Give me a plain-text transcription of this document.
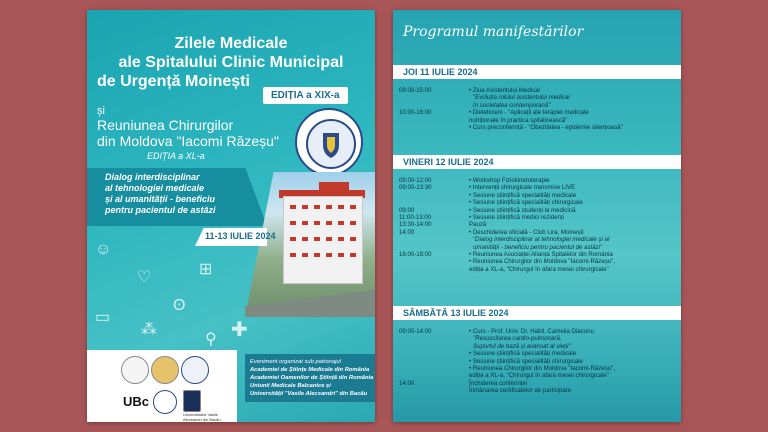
Zilele Medicale
ale Spitalului Clinic Municipal
de Urgență Moinești
EDIȚIA a XIX-a
și
Reuniunea Chirurgilor
din Moldova "Iacomi Răzeșu"
EDIȚIA a XL-a
Dialog interdisciplinar
al tehnologiei medicale
și al umanității - beneficiu
pentru pacientul de astăzi
11-13 IULIE 2024
☺
⊞
♡
ʘ
▭
⁂	✚
⚲
Universitatea Vasile Alecsandri din Bacău
UBc
Eveniment organizat sub patronajul
Academiei de Științe Medicale din România
Academiei Oamenilor de Știință din România
Uniunii Medicale Balcanice și
Universității "Vasile Alecsandri" din Bacău
Programul manifestărilor
JOI 11 IULIE 2024
09:00-15:00	• Ziua Asistentului Medical
"Evoluția rolului asistentului medical
în societatea contemporană"
10:00-16:00	• Dieteticieni - "Aplicații ale terapiei medicale
nutriționale în practica spitalicească"
• Curs preconferință - "Obezitatea - epidemie silențioasă"
VINERI 12 IULIE 2024
09:00-12:00	• Workshop Fiziokinetoterapie
09:00-13:30	• Intervenții chirurgicale transmise LIVE
• Sesiune științifică specialități medicale
• Sesiune științifică specialități chirurgicale
09:00	• Sesiune științifică studenți la medicină
11:00-13:00	• Sesiune științifică medici rezidenți
13:30-14:00	Pauză
14:00	• Deschiderea oficială - Club Lira, Moinești
"Dialog interdisciplinar al tehnologiei medicale și al
umanității - beneficiu pentru pacientul de astăzi"
16:00-18:00	• Reuniunea Asociației Alianța Spitalelor din România
• Reuniunea Chirurgilor din Moldova "Iacomi-Răzeșu",
ediția a XL-a, "Chirurgul în afara mesei chirurgicale"
SÂMBĂTĂ 13 IULIE 2024
09:00-14:00	• Curs - Prof. Univ. Dr. Habil. Camelia Diaconu
"Resuscitarea cardio-pulmonară.
Suportul de bază și avansat al vieții"
• Sesiune științifică specialități medicale
• Sesiune științifică specialități chirurgicale
• Reuniunea Chirurgilor din Moldova "Iacomi-Răzeșu",
ediția a XL-a, "Chirurgul în afara mesei chirurgicale"
14:00	Închiderea conferinței
Înmânarea certificatelor de participare
